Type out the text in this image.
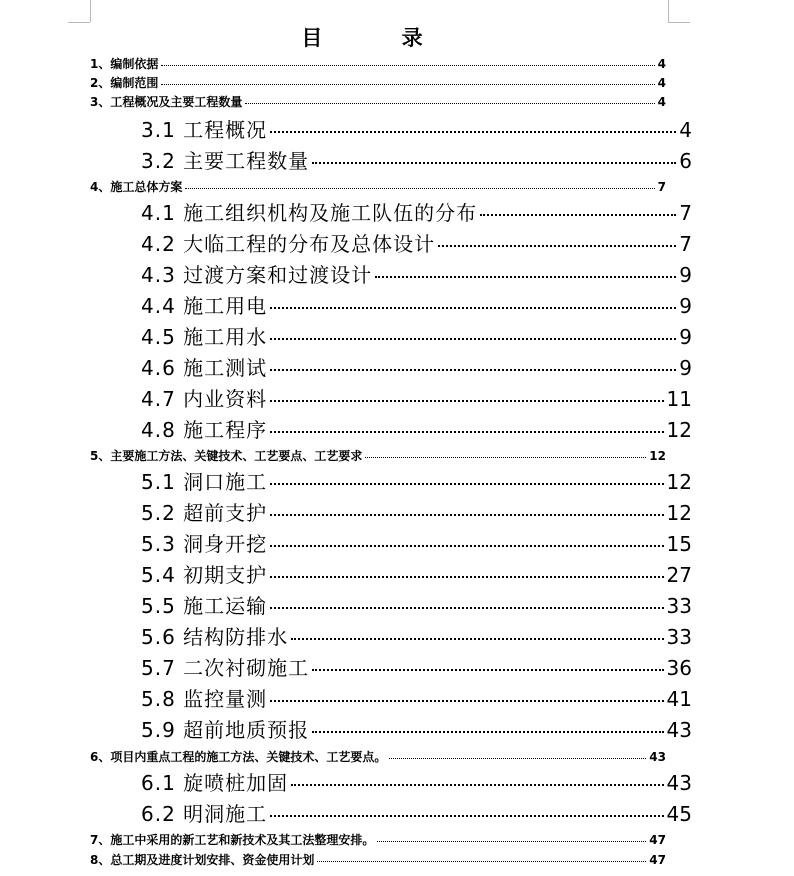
目 录
1、编制依据	4
2、编制范围	4
3、工程概况及主要工程数量	4
3.1 工程概况	4
3.2 主要工程数量	6
4、施工总体方案	7
4.1 施工组织机构及施工队伍的分布	7
4.2 大临工程的分布及总体设计	7
4.3 过渡方案和过渡设计	9
4.4 施工用电	9
4.5 施工用水	9
4.6 施工测试	9
4.7 内业资料	11
4.8 施工程序	12
5、主要施工方法、关键技术、工艺要点、工艺要求	12
5.1 洞口施工	12
5.2 超前支护	12
5.3 洞身开挖	15
5.4 初期支护	27
5.5 施工运输	33
5.6 结构防排水	33
5.7 二次衬砌施工	36
5.8 监控量测	41
5.9 超前地质预报	43
6、项目内重点工程的施工方法、关键技术、工艺要点。	43
6.1 旋喷桩加固	43
6.2 明洞施工	45
7、施工中采用的新工艺和新技术及其工法整理安排。	47
8、总工期及进度计划安排、资金使用计划	47
